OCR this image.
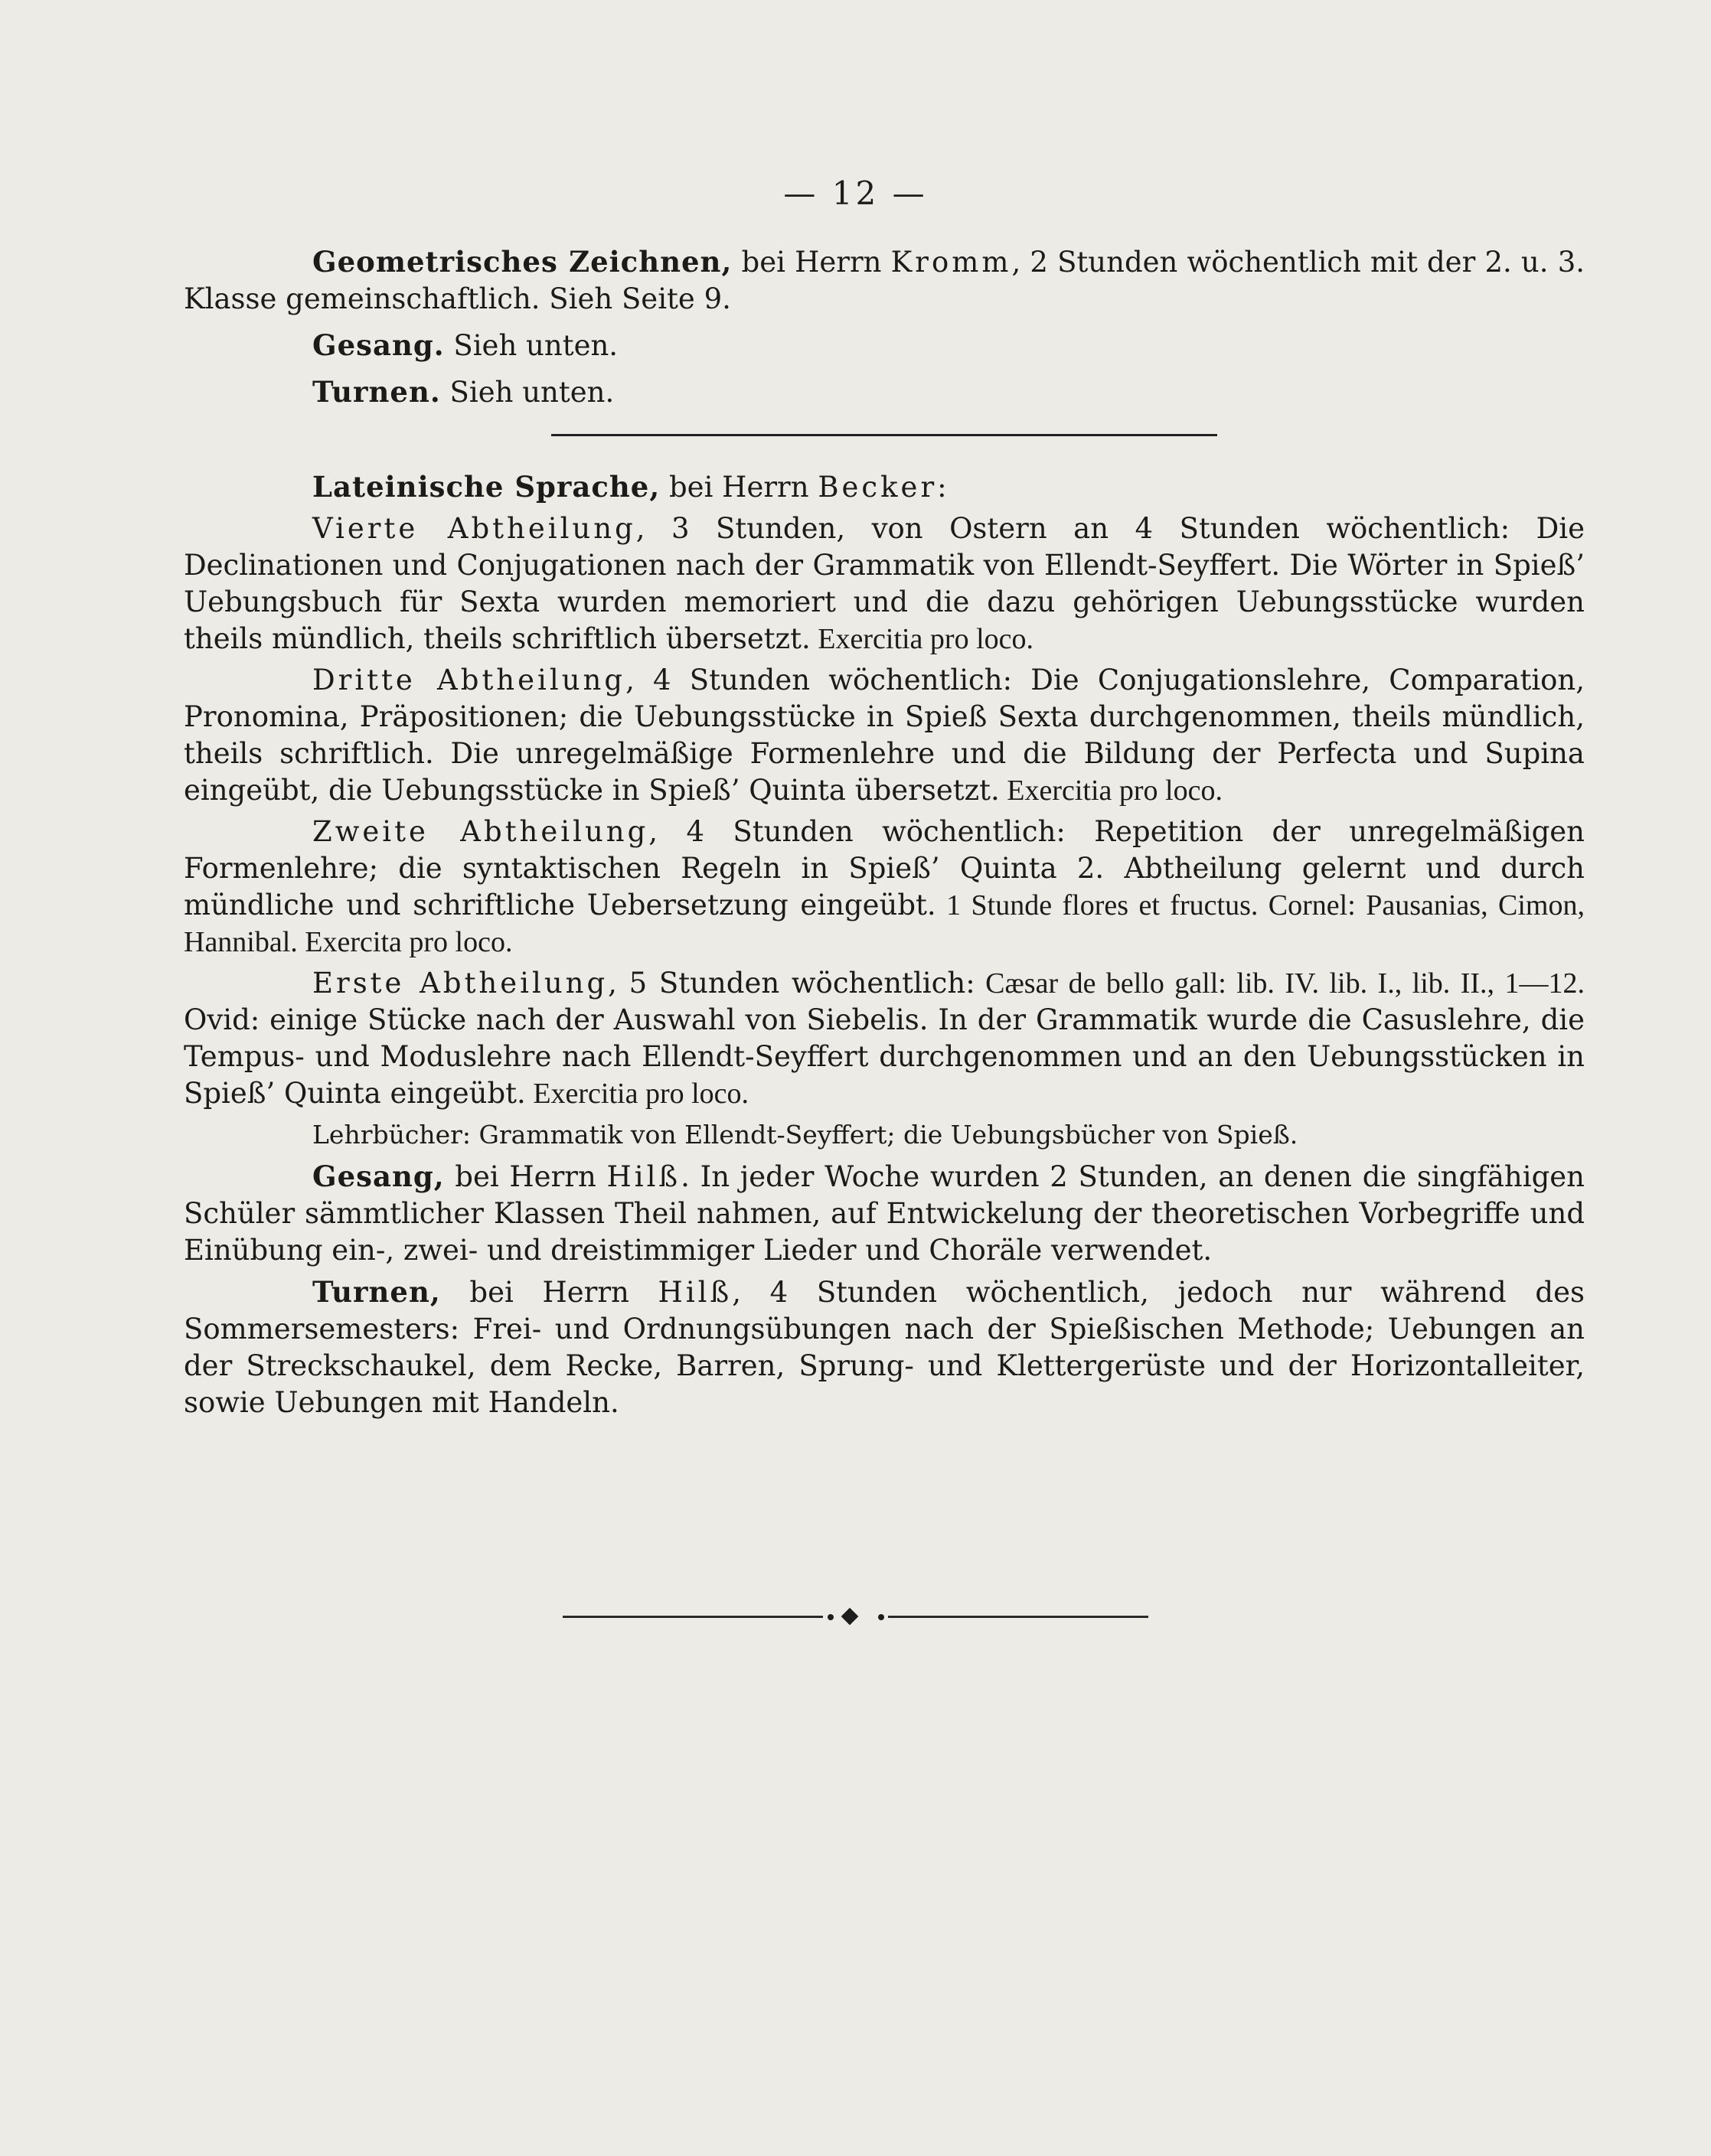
— 12 —

Geometrisches Zeichnen, bei Herrn Kromm, 2 Stunden wöchentlich mit der 2. u. 3. Klasse gemeinschaftlich. Sieh Seite 9.

Gesang. Sieh unten.

Turnen. Sieh unten.

Lateinische Sprache, bei Herrn Becker:

Vierte Abtheilung, 3 Stunden, von Ostern an 4 Stunden wöchentlich: Die Declinationen und Conjugationen nach der Grammatik von Ellendt-Seyffert. Die Wörter in Spieß’ Uebungsbuch für Sexta wurden memoriert und die dazu gehörigen Uebungsstücke wurden theils mündlich, theils schriftlich übersetzt. Exercitia pro loco.

Dritte Abtheilung, 4 Stunden wöchentlich: Die Conjugationslehre, Comparation, Pronomina, Präpositionen; die Uebungsstücke in Spieß Sexta durchgenommen, theils mündlich, theils schriftlich. Die unregelmäßige Formenlehre und die Bildung der Perfecta und Supina eingeübt, die Uebungsstücke in Spieß’ Quinta übersetzt. Exercitia pro loco.

Zweite Abtheilung, 4 Stunden wöchentlich: Repetition der unregelmäßigen Formenlehre; die syntaktischen Regeln in Spieß’ Quinta 2. Abtheilung gelernt und durch mündliche und schriftliche Uebersetzung eingeübt. 1 Stunde flores et fructus. Cornel: Pausanias, Cimon, Hannibal. Exercita pro loco.

Erste Abtheilung, 5 Stunden wöchentlich: Cæsar de bello gall: lib. IV. lib. I., lib. II., 1—12. Ovid: einige Stücke nach der Auswahl von Siebelis. In der Grammatik wurde die Casuslehre, die Tempus- und Moduslehre nach Ellendt-Seyffert durchgenommen und an den Uebungsstücken in Spieß’ Quinta eingeübt. Exercitia pro loco.

Lehrbücher: Grammatik von Ellendt-Seyffert; die Uebungsbücher von Spieß.

Gesang, bei Herrn Hilß. In jeder Woche wurden 2 Stunden, an denen die singfähigen Schüler sämmtlicher Klassen Theil nahmen, auf Entwickelung der theoretischen Vorbegriffe und Einübung ein-, zwei- und dreistimmiger Lieder und Choräle verwendet.

Turnen, bei Herrn Hilß, 4 Stunden wöchentlich, jedoch nur während des Sommersemesters: Frei- und Ordnungsübungen nach der Spießischen Methode; Uebungen an der Streckschaukel, dem Recke, Barren, Sprung- und Klettergerüste und der Horizontalleiter, sowie Uebungen mit Handeln.
